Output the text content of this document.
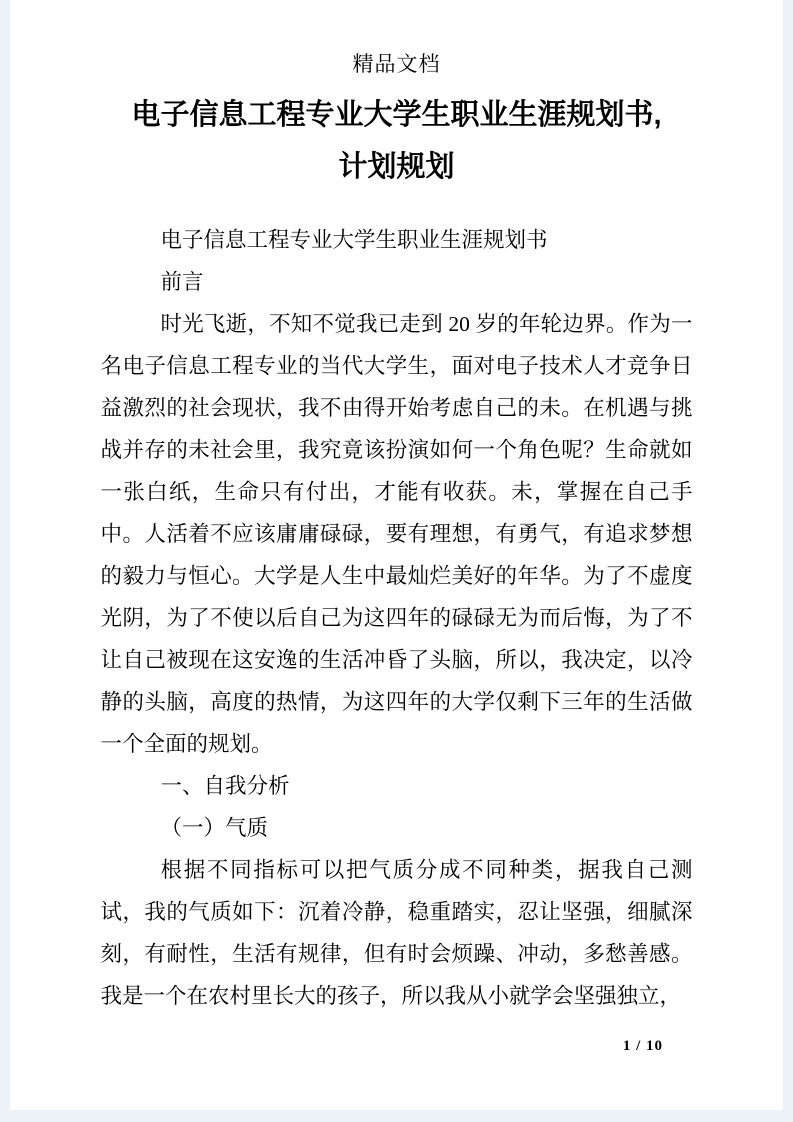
精品文档
电子信息工程专业大学生职业生涯规划书,
计划规划

电子信息工程专业大学生职业生涯规划书

前言

时光飞逝，不知不觉我已走到 20 岁的年轮边界。作为一名电子信息工程专业的当代大学生，面对电子技术人才竞争日益激烈的社会现状，我不由得开始考虑自己的未。在机遇与挑战并存的未社会里，我究竟该扮演如何一个角色呢？生命就如一张白纸，生命只有付出，才能有收获。未，掌握在自己手中。人活着不应该庸庸碌碌，要有理想，有勇气，有追求梦想的毅力与恒心。大学是人生中最灿烂美好的年华。为了不虚度光阴，为了不使以后自己为这四年的碌碌无为而后悔，为了不让自己被现在这安逸的生活冲昏了头脑，所以，我决定，以冷静的头脑，高度的热情，为这四年的大学仅剩下三年的生活做一个全面的规划。

一、自我分析

（一）气质

根据不同指标可以把气质分成不同种类，据我自己测试，我的气质如下：沉着冷静，稳重踏实，忍让坚强，细腻深刻，有耐性，生活有规律，但有时会烦躁、冲动，多愁善感。我是一个在农村里长大的孩子，所以我从小就学会坚强独立，

1 / 10
